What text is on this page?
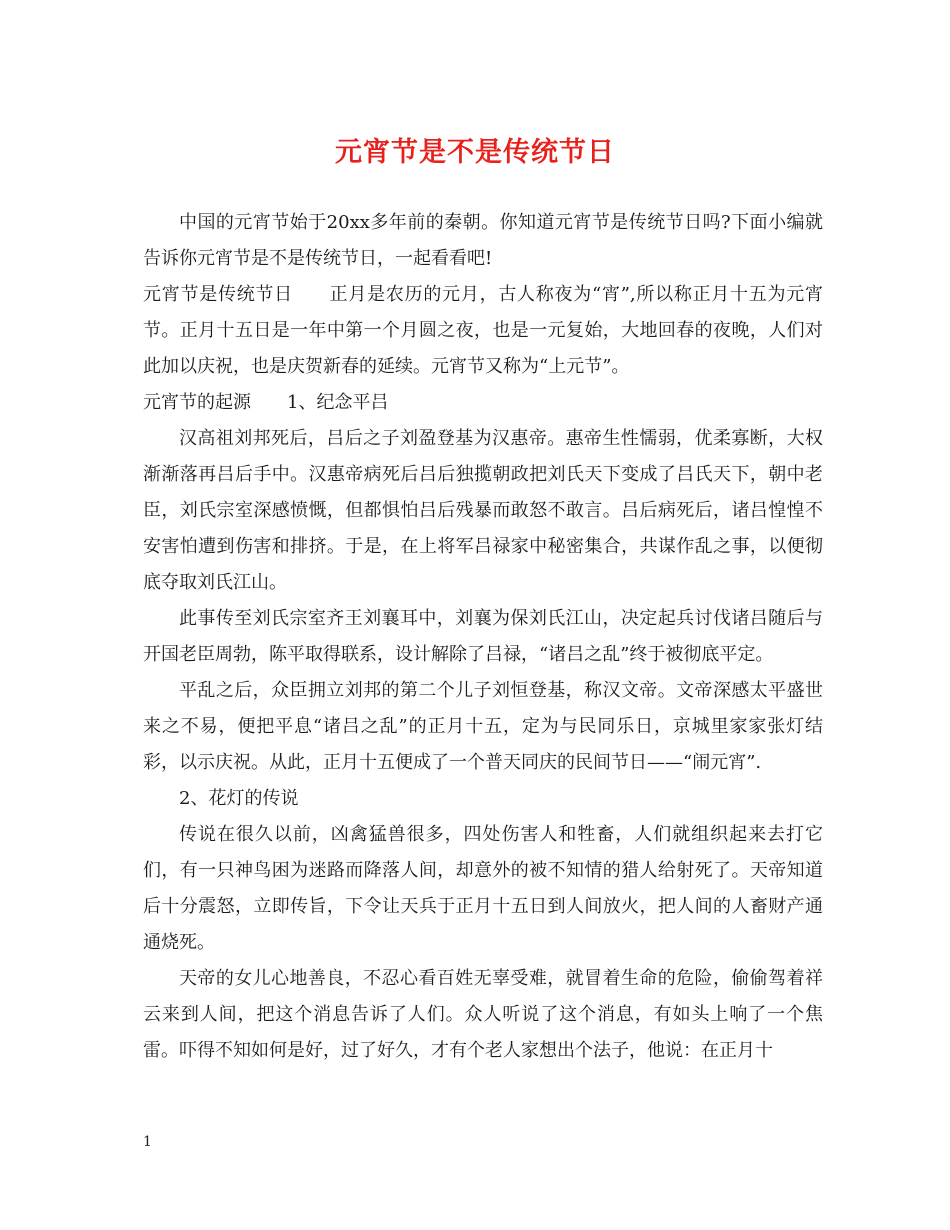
元宵节是不是传统节日

中国的元宵节始于20xx多年前的秦朝。你知道元宵节是传统节日吗?下面小编就告诉你元宵节是不是传统节日，一起看看吧!

元宵节是传统节日 正月是农历的元月，古人称夜为“宵”,所以称正月十五为元宵节。正月十五日是一年中第一个月圆之夜，也是一元复始，大地回春的夜晚，人们对此加以庆祝，也是庆贺新春的延续。元宵节又称为“上元节”。

元宵节的起源 1、纪念平吕

汉高祖刘邦死后，吕后之子刘盈登基为汉惠帝。惠帝生性懦弱，优柔寡断，大权渐渐落再吕后手中。汉惠帝病死后吕后独揽朝政把刘氏天下变成了吕氏天下，朝中老臣，刘氏宗室深感愤慨，但都惧怕吕后残暴而敢怒不敢言。吕后病死后，诸吕惶惶不安害怕遭到伤害和排挤。于是，在上将军吕禄家中秘密集合，共谋作乱之事，以便彻底夺取刘氏江山。

此事传至刘氏宗室齐王刘襄耳中，刘襄为保刘氏江山，决定起兵讨伐诸吕随后与开国老臣周勃，陈平取得联系，设计解除了吕禄，“诸吕之乱”终于被彻底平定。

平乱之后，众臣拥立刘邦的第二个儿子刘恒登基，称汉文帝。文帝深感太平盛世来之不易，便把平息“诸吕之乱”的正月十五，定为与民同乐日，京城里家家张灯结彩，以示庆祝。从此，正月十五便成了一个普天同庆的民间节日——“闹元宵”.

2、花灯的传说

传说在很久以前，凶禽猛兽很多，四处伤害人和牲畜，人们就组织起来去打它们，有一只神鸟困为迷路而降落人间，却意外的被不知情的猎人给射死了。天帝知道后十分震怒，立即传旨，下令让天兵于正月十五日到人间放火，把人间的人畜财产通通烧死。

天帝的女儿心地善良，不忍心看百姓无辜受难，就冒着生命的危险，偷偷驾着祥云来到人间，把这个消息告诉了人们。众人听说了这个消息，有如头上响了一个焦雷。吓得不知如何是好，过了好久，才有个老人家想出个法子，他说：在正月十

1
